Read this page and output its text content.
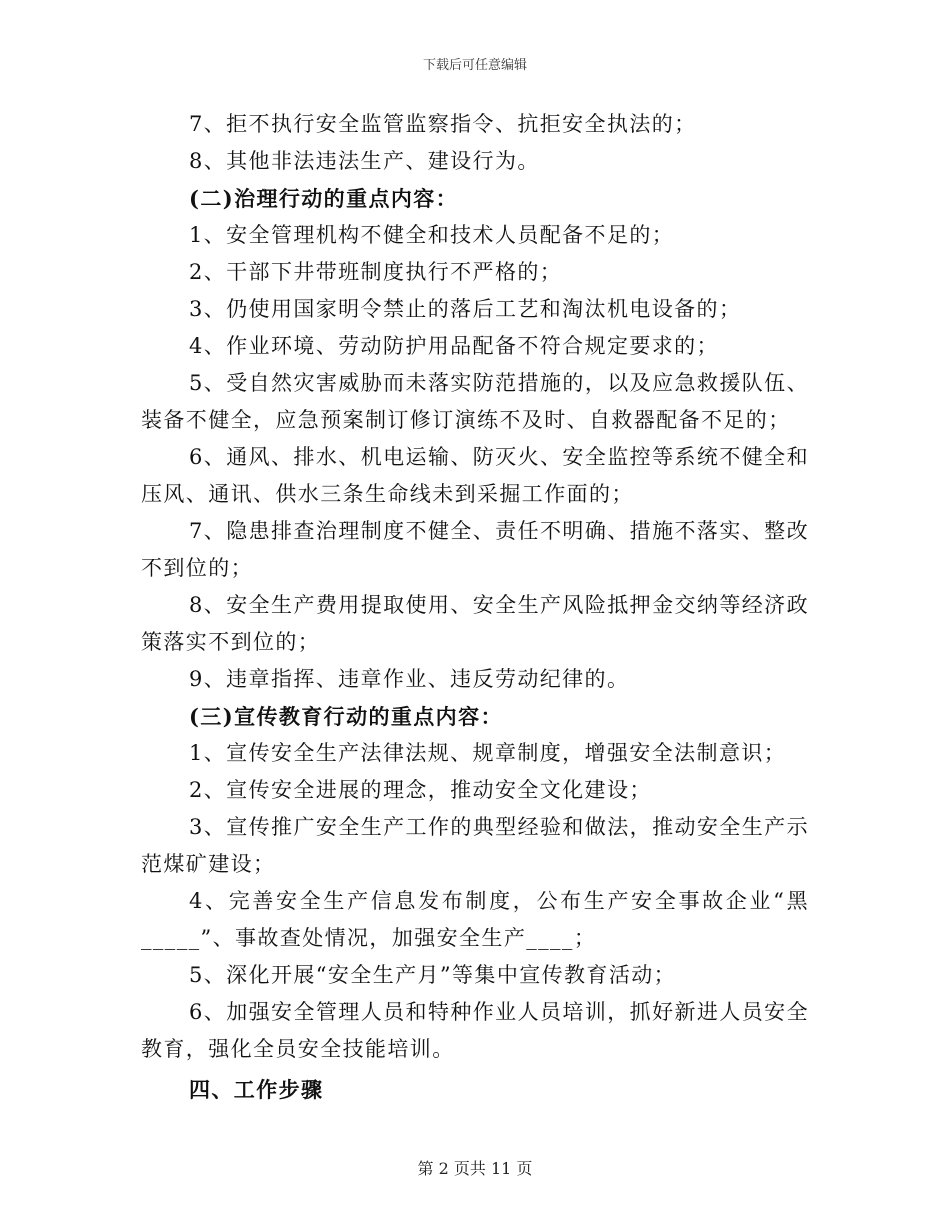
下载后可任意编辑

7、拒不执行安全监管监察指令、抗拒安全执法的；

8、其他非法违法生产、建设行为。

(二)治理行动的重点内容：

1、安全管理机构不健全和技术人员配备不足的；

2、干部下井带班制度执行不严格的；

3、仍使用国家明令禁止的落后工艺和淘汰机电设备的；

4、作业环境、劳动防护用品配备不符合规定要求的；

5、受自然灾害威胁而未落实防范措施的，以及应急救援队伍、装备不健全，应急预案制订修订演练不及时、自救器配备不足的；

6、通风、排水、机电运输、防灭火、安全监控等系统不健全和压风、通讯、供水三条生命线未到采掘工作面的；

7、隐患排查治理制度不健全、责任不明确、措施不落实、整改不到位的；

8、安全生产费用提取使用、安全生产风险抵押金交纳等经济政策落实不到位的；

9、违章指挥、违章作业、违反劳动纪律的。

(三)宣传教育行动的重点内容：

1、宣传安全生产法律法规、规章制度，增强安全法制意识；

2、宣传安全进展的理念，推动安全文化建设；

3、宣传推广安全生产工作的典型经验和做法，推动安全生产示范煤矿建设；

4、完善安全生产信息发布制度，公布生产安全事故企业“黑_____”、事故查处情况，加强安全生产____；

5、深化开展“安全生产月”等集中宣传教育活动；

6、加强安全管理人员和特种作业人员培训，抓好新进人员安全教育，强化全员安全技能培训。

四、工作步骤

第 2 页共 11 页
